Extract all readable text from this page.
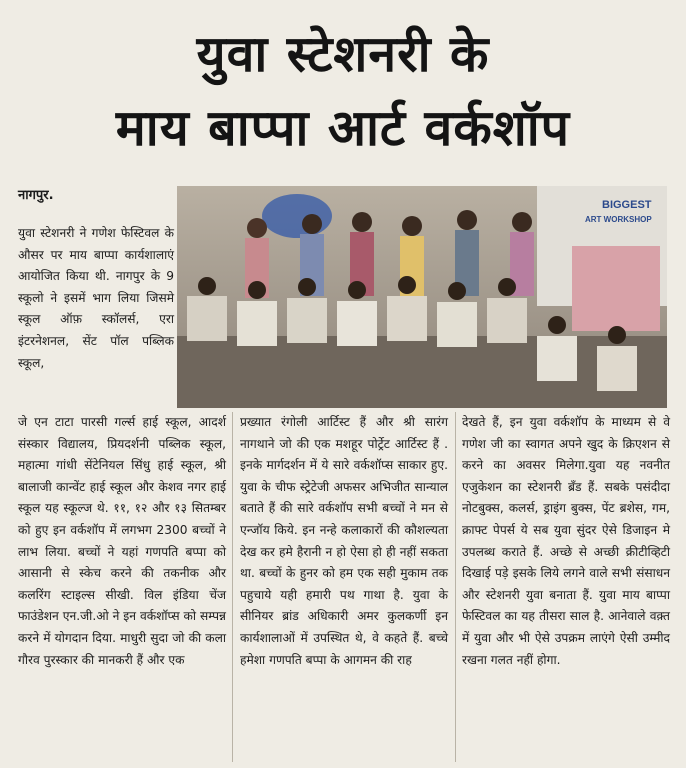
युवा स्टेशनरी के
माय बाप्पा आर्ट वर्कशॉप
नागपुर.
BIGGEST
ART WORKSHOP

युवा स्टेशनरी ने गणेश फेस्टिवल के औसर पर माय बाप्पा कार्यशालाएं आयोजित किया थी. नागपुर के 9 स्कूलो ने इसमें भाग लिया जिसमे स्कूल ऑफ़ स्कॉलर्स, एरा इंटरनेशनल, सेंट पॉल पब्लिक स्कूल,

जे एन टाटा पारसी गर्ल्स हाई स्कूल, आदर्श संस्कार विद्यालय, प्रियदर्शनी पब्लिक स्कूल, महात्मा गांधी सेंटेनियल सिंधु हाई स्कूल, श्री बालाजी कान्वेंट हाई स्कूल और केशव नगर हाई स्कूल यह स्कूल्ज थे. ११, १२ और १३ सितम्बर को हुए इन वर्कशॉप में लगभग 2300 बच्चों ने लाभ लिया. बच्चों ने यहां गणपति बप्पा को आसानी से स्केच करने की तकनीक और कलरिंग स्टाइल्स सीखी. विल इंडिया चेंज फाउंडेशन एन.जी.ओ ने इन वर्कशॉप्स को सम्पन्न करने में योगदान दिया. माधुरी सुदा जो की कला गौरव पुरस्कार की मानकरी हैं और एक

प्रख्यात रंगोली आर्टिस्ट हैं और श्री सारंग नागथाने जो की एक मशहूर पोर्ट्रेट आर्टिस्ट हैं . इनके मार्गदर्शन में ये सारे वर्कशॉप्स साकार हुए. युवा के चीफ स्ट्रेटेजी अफसर अभिजीत सान्याल बताते हैं की सारे वर्कशॉप सभी बच्चों ने मन से एन्जॉय किये. इन नन्हे कलाकारों की कौशल्यता देख कर हमे हैरानी न हो ऐसा हो ही नहीं सकता था. बच्चों के हुनर को हम एक सही मुकाम तक पहुचाये यही हमारी पथ गाथा है. युवा के सीनियर ब्रांड अधिकारी अमर कुलकर्णी इन कार्यशालाओं में उपस्थित थे, वे कहते हैं. बच्चे हमेशा गणपति बप्पा के आगमन की राह

देखते हैं, इन युवा वर्कशॉप के माध्यम से वे गणेश जी का स्वागत अपने खुद के क्रिएशन से करने का अवसर मिलेगा.युवा यह नवनीत एजुकेशन का स्टेशनरी ब्रँड हैं. सबके पसंदीदा नोटबुक्स, कलर्स, ड्राइंग बुक्स, पेंट ब्रशेस, गम, क्राफ्ट पेपर्स ये सब युवा सुंदर ऐसे डिजाइन मे उपलब्ध कराते हैं. अच्छे से अच्छी क्रीटीव्हिटी दिखाई पड़े इसके लिये लगने वाले सभी संसाधन और स्टेशनरी युवा बनाता हैं. युवा माय बाप्पा फेस्टिवल का यह तीसरा साल है. आनेवाले वक़्त में युवा और भी ऐसे उपक्रम लाएंगे ऐसी उम्मीद रखना गलत नहीं होगा.
